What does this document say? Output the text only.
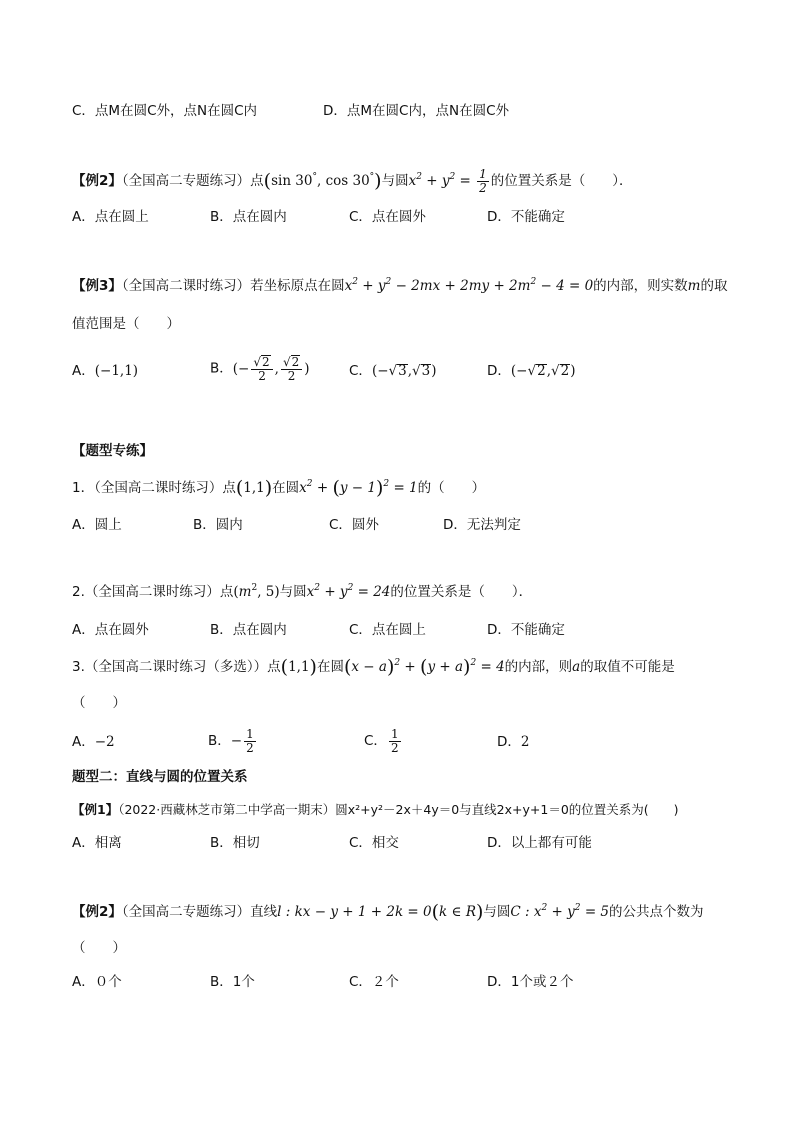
C．点M在圆C外，点N在圆C内	D．点M在圆C内，点N在圆C外
【例2】（全国高二专题练习）点(sin 30°, cos 30°)与圆$x^2 + y^2 = \frac{1}{2}$ 的位置关系是（　　）．
A．点在圆上	B．点在圆内	C．点在圆外	D．不能确定
【例3】（全国高二课时练习）若坐标原点在圆$x^2 + y^2 - 2mx + 2my + 2m^2 - 4 = 0$的内部，则实数m的取
值范围是（　　）
A．(−1,1)	B．(− $\frac{√2}{2}$ , $\frac{√2}{2}$ )	C．(−√3,√3)	D．(−√2,√2)
【题型专练】
1．（全国高二课时练习）点(1,1)在圆$x^2 + (y - 1)^2 = 1$的（　　）
A．圆上	B．圆内	C．圆外	D．无法判定
2.（全国高二课时练习）点($m^2$, 5)与圆$x^2 + y^2 = 24$的位置关系是（　　）．
A．点在圆外	B．点在圆内	C．点在圆上	D．不能确定
3.（全国高二课时练习（多选））点(1,1)在圆$(x - a)^2 + (y + a)^2 = 4$的内部，则a的取值不可能是
（　　）
A．−2	B．− $\frac{1}{2}$	C． $\frac{1}{2}$	D．2
题型二：直线与圆的位置关系
【例1】（2022·西藏林芝市第二中学高一期末）圆x²+y²－2x＋4y＝0与直线2x+y+1＝0的位置关系为(　　)
A．相离	B．相切	C．相交	D．以上都有可能
【例2】（全国高二专题练习）直线l : kx − y + 1 + 2k = 0(k ∈ R)与圆C : $x^2 + y^2 = 5$的公共点个数为
（　　）
A．０个	B．1个	C．２个	D．1个或２个
